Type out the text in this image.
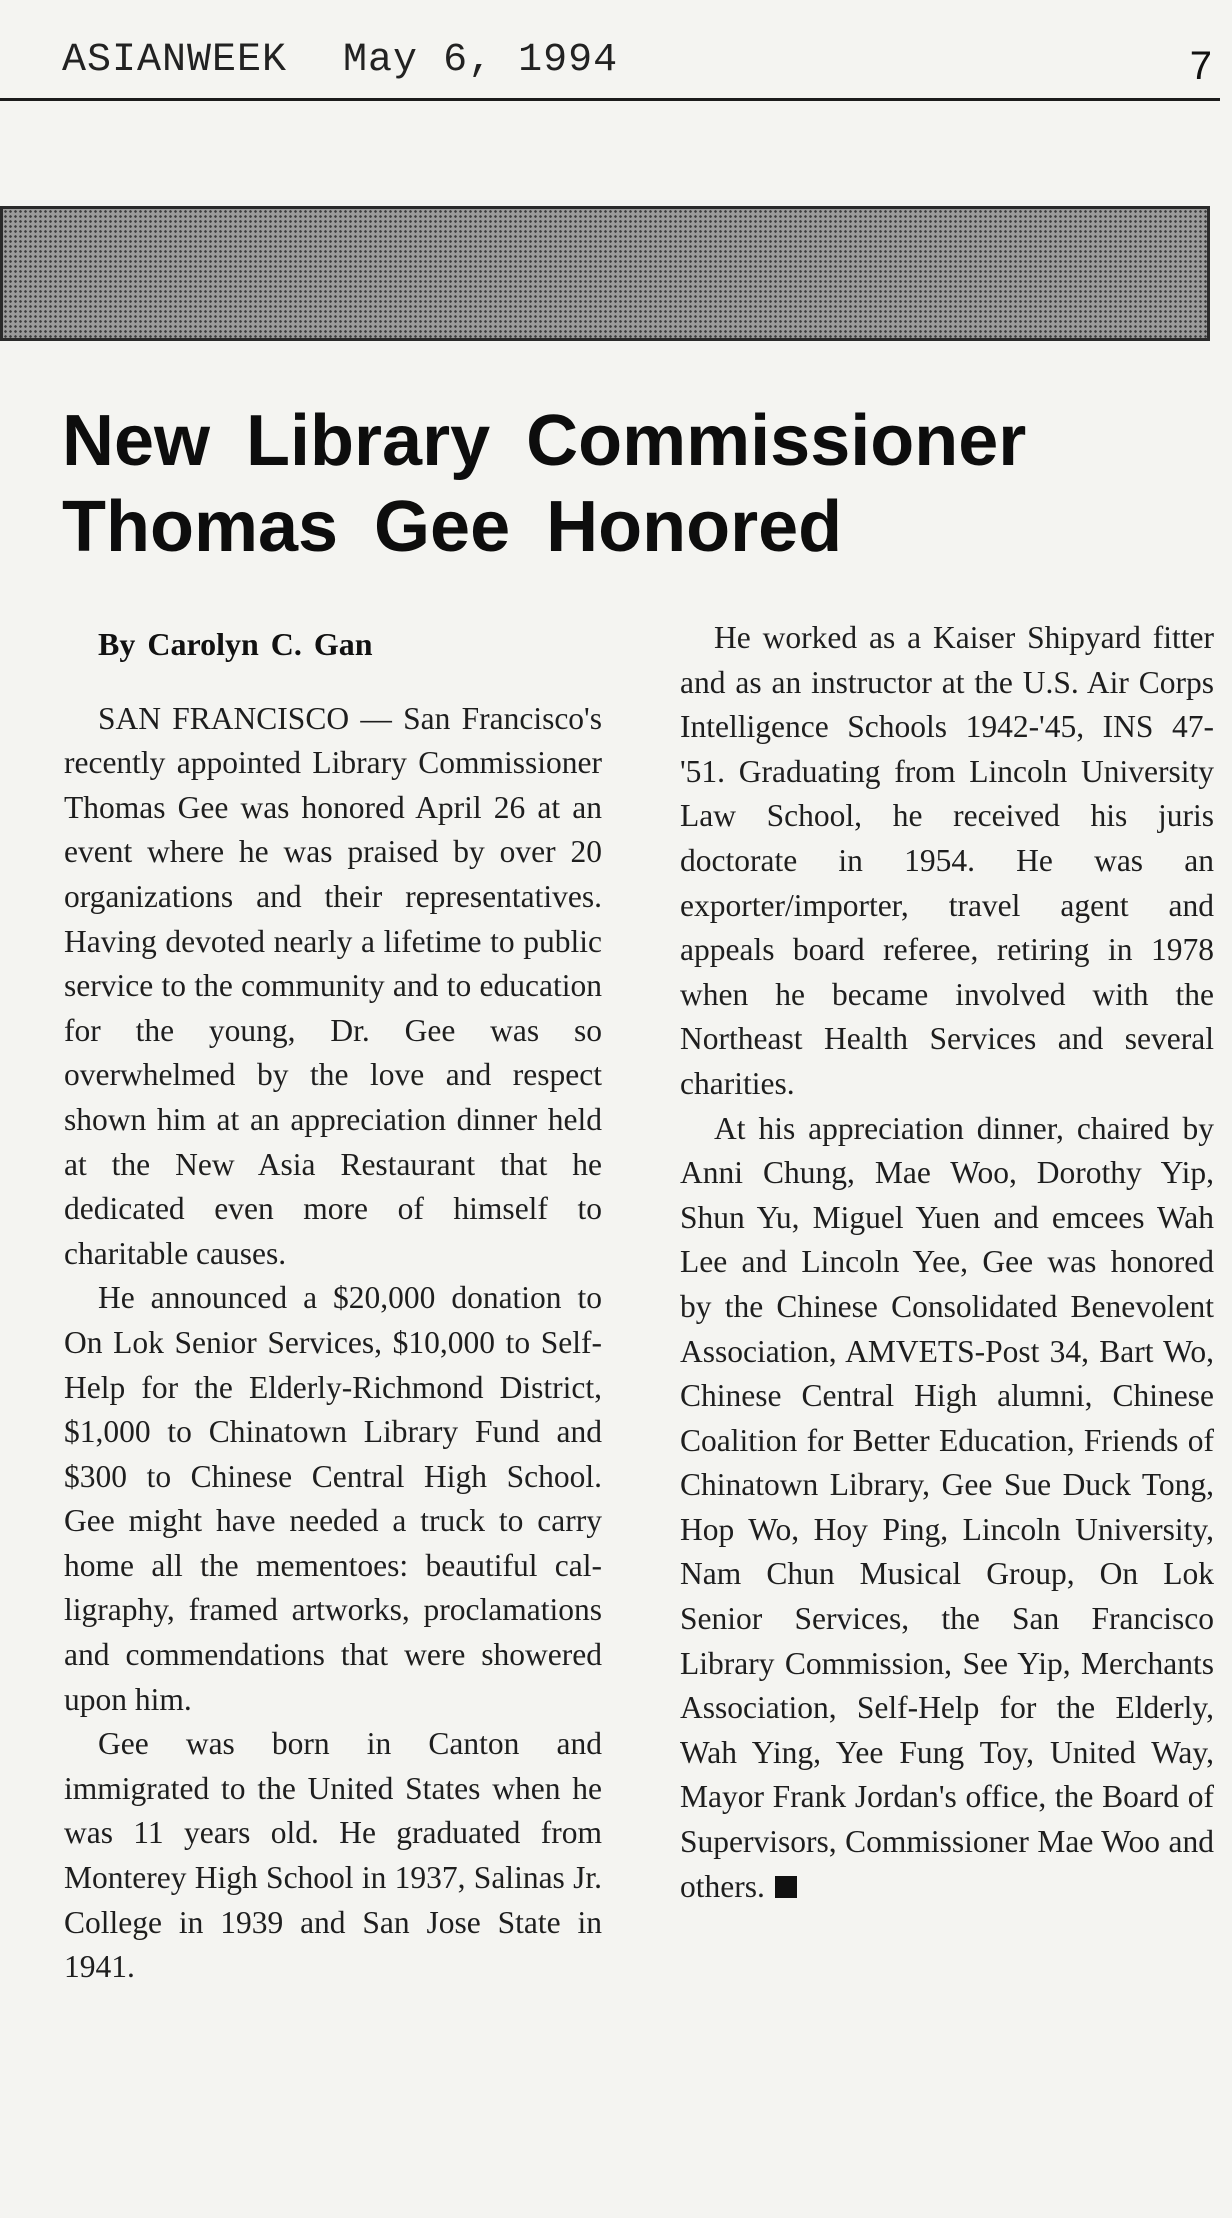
ASIANWEEK May 6, 1994	7
New Library Commissioner
Thomas Gee Honored
By Carolyn C. Gan

SAN FRANCISCO — San Francisco's recently appointed Library Commissioner Thomas Gee was honored April 26 at an event where he was praised by over 20 organizations and their representatives. Having devoted nearly a lifetime to public service to the community and to education for the young, Dr. Gee was so overwhelmed by the love and respect shown him at an appreciation dinner held at the New Asia Restaurant that he dedicated even more of himself to charitable causes.

He announced a $20,000 donation to On Lok Senior Services, $10,000 to Self-Help for the Elderly-Richmond District, $1,000 to Chinatown Library Fund and $300 to Chinese Central High School. Gee might have needed a truck to carry home all the mementoes: beautiful calligraphy, framed artworks, proclamations and commendations that were showered upon him.

Gee was born in Canton and immigrated to the United States when he was 11 years old. He graduated from Monterey High School in 1937, Salinas Jr. College in 1939 and San Jose State in 1941.

He worked as a Kaiser Shipyard fitter and as an instructor at the U.S. Air Corps Intelligence Schools 1942-'45, INS 47-'51. Graduating from Lincoln University Law School, he received his juris doctorate in 1954. He was an exporter/importer, travel agent and appeals board referee, retiring in 1978 when he became involved with the Northeast Health Services and several charities.

At his appreciation dinner, chaired by Anni Chung, Mae Woo, Dorothy Yip, Shun Yu, Miguel Yuen and emcees Wah Lee and Lincoln Yee, Gee was honored by the Chinese Consolidated Benevolent Association, AMVETS-Post 34, Bart Wo, Chinese Central High alumni, Chinese Coalition for Better Education, Friends of Chinatown Library, Gee Sue Duck Tong, Hop Wo, Hoy Ping, Lincoln University, Nam Chun Musical Group, On Lok Senior Services, the San Francisco Library Commission, See Yip, Merchants Association, Self-Help for the Elderly, Wah Ying, Yee Fung Toy, United Way, Mayor Frank Jordan's office, the Board of Supervisors, Commissioner Mae Woo and others.
